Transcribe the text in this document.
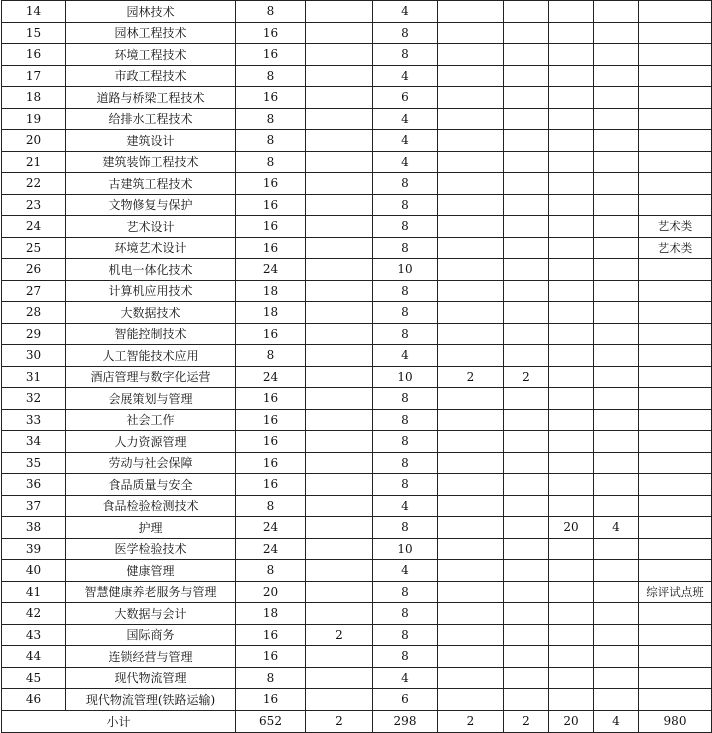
14	园林技术	8		4					
15	园林工程技术	16		8					
16	环境工程技术	16		8					
17	市政工程技术	8		4					
18	道路与桥梁工程技术	16		6					
19	给排水工程技术	8		4					
20	建筑设计	8		4					
21	建筑装饰工程技术	8		4					
22	古建筑工程技术	16		8					
23	文物修复与保护	16		8					
24	艺术设计	16		8					艺术类
25	环境艺术设计	16		8					艺术类
26	机电一体化技术	24		10					
27	计算机应用技术	18		8					
28	大数据技术	18		8					
29	智能控制技术	16		8					
30	人工智能技术应用	8		4					
31	酒店管理与数字化运营	24		10	2	2			
32	会展策划与管理	16		8					
33	社会工作	16		8					
34	人力资源管理	16		8					
35	劳动与社会保障	16		8					
36	食品质量与安全	16		8					
37	食品检验检测技术	8		4					
38	护理	24		8			20	4	
39	医学检验技术	24		10					
40	健康管理	8		4					
41	智慧健康养老服务与管理	20		8					综评试点班
42	大数据与会计	18		8					
43	国际商务	16	2	8					
44	连锁经营与管理	16		8					
45	现代物流管理	8		4					
46	现代物流管理(铁路运输)	16		6					
小计		652	2	298	2	2	20	4	980
